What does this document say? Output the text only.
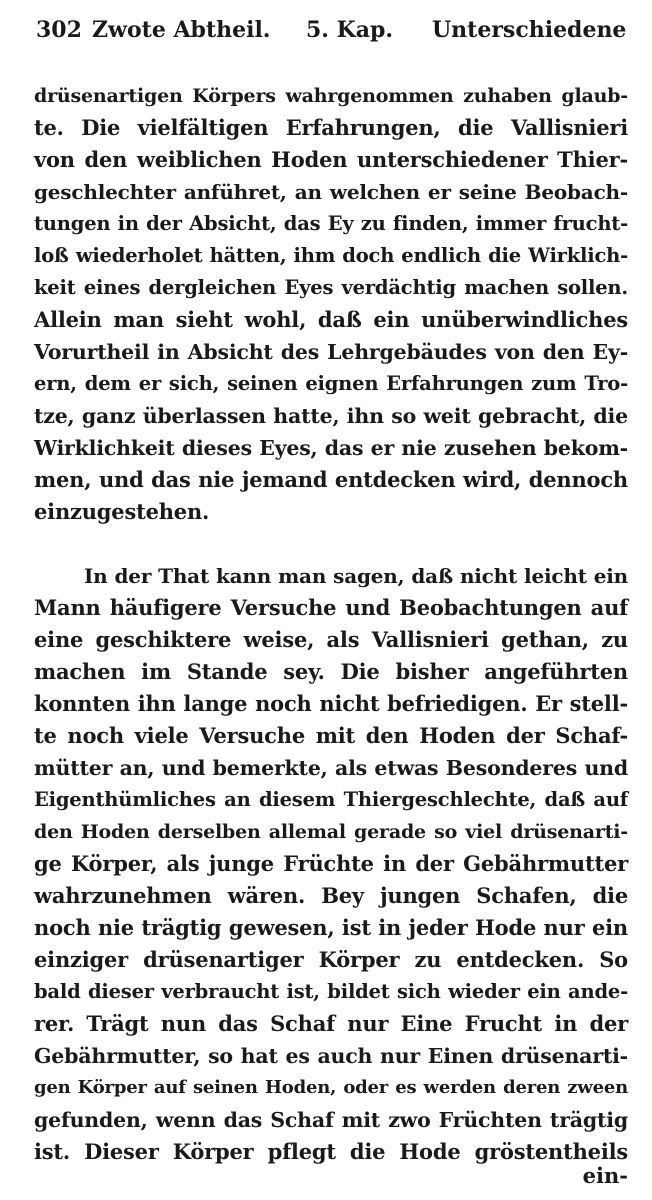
302 Zwote Abtheil. 5. Kap. Unterschiedene
drüsenartigen Körpers wahrgenommen zuhaben glaub-
te. Die vielfältigen Erfahrungen, die Vallisnieri
von den weiblichen Hoden unterschiedener Thier-
geschlechter anführet, an welchen er seine Beobach-
tungen in der Absicht, das Ey zu finden, immer frucht-
loß wiederholet hätten, ihm doch endlich die Wirklich-
keit eines dergleichen Eyes verdächtig machen sollen.
Allein man sieht wohl, daß ein unüberwindliches
Vorurtheil in Absicht des Lehrgebäudes von den Ey-
ern, dem er sich, seinen eignen Erfahrungen zum Tro-
tze, ganz überlassen hatte, ihn so weit gebracht, die
Wirklichkeit dieses Eyes, das er nie zusehen bekom-
men, und das nie jemand entdecken wird, dennoch
einzugestehen.
In der That kann man sagen, daß nicht leicht ein
Mann häufigere Versuche und Beobachtungen auf
eine geschiktere weise, als Vallisnieri gethan, zu
machen im Stande sey. Die bisher angeführten
konnten ihn lange noch nicht befriedigen. Er stell-
te noch viele Versuche mit den Hoden der Schaf-
mütter an, und bemerkte, als etwas Besonderes und
Eigenthümliches an diesem Thiergeschlechte, daß auf
den Hoden derselben allemal gerade so viel drüsenarti-
ge Körper, als junge Früchte in der Gebährmutter
wahrzunehmen wären. Bey jungen Schafen, die
noch nie trägtig gewesen, ist in jeder Hode nur ein
einziger drüsenartiger Körper zu entdecken. So
bald dieser verbraucht ist, bildet sich wieder ein ande-
rer. Trägt nun das Schaf nur Eine Frucht in der
Gebährmutter, so hat es auch nur Einen drüsenarti-
gen Körper auf seinen Hoden, oder es werden deren zween
gefunden, wenn das Schaf mit zwo Früchten trägtig
ist. Dieser Körper pflegt die Hode gröstentheils
ein-
